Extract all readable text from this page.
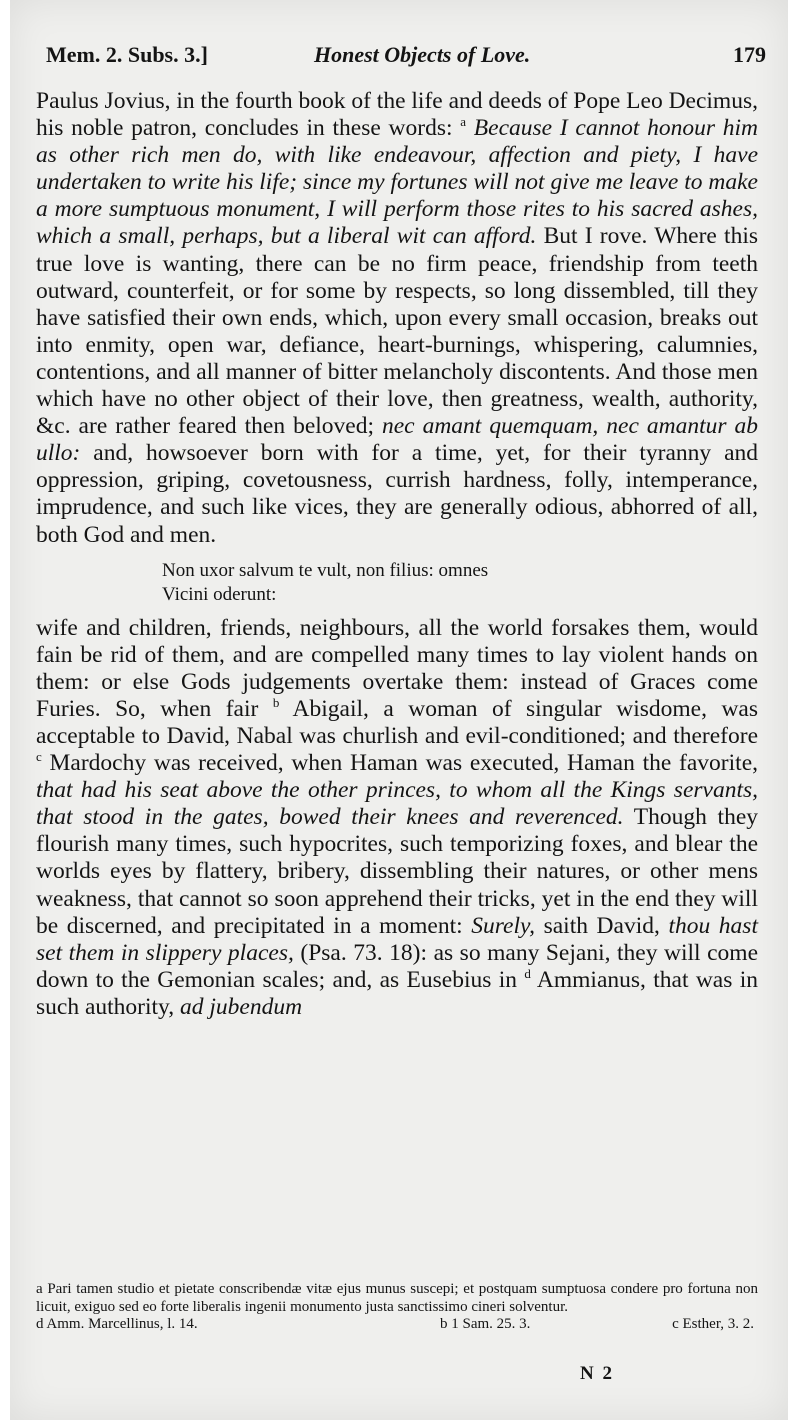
Mem. 2. Subs. 3.]	Honest Objects of Love.	179

Paulus Jovius, in the fourth book of the life and deeds of Pope Leo Decimus, his noble patron, concludes in these words: $^a$ Because I cannot honour him as other rich men do, with like endeavour, affection and piety, I have undertaken to write his life; since my fortunes will not give me leave to make a more sumptuous monument, I will perform those rites to his sacred ashes, which a small, perhaps, but a liberal wit can afford. But I rove. Where this true love is wanting, there can be no firm peace, friendship from teeth outward, counterfeit, or for some by respects, so long dissembled, till they have satisfied their own ends, which, upon every small occasion, breaks out into enmity, open war, defiance, heart-burnings, whispering, calumnies, contentions, and all manner of bitter melancholy discontents. And those men which have no other object of their love, then greatness, wealth, authority, &c. are rather feared then beloved; nec amant quemquam, nec amantur ab ullo: and, howsoever born with for a time, yet, for their tyranny and oppression, griping, covetousness, currish hardness, folly, intemperance, imprudence, and such like vices, they are generally odious, abhorred of all, both God and men.

Non uxor salvum te vult, non filius: omnes
Vicini oderunt:

wife and children, friends, neighbours, all the world forsakes them, would fain be rid of them, and are compelled many times to lay violent hands on them: or else Gods judgements overtake them: instead of Graces come Furies. So, when fair $^b$ Abigail, a woman of singular wisdome, was acceptable to David, Nabal was churlish and evil-conditioned; and therefore $^c$ Mardochy was received, when Haman was executed, Haman the favorite, that had his seat above the other princes, to whom all the Kings servants, that stood in the gates, bowed their knees and reverenced. Though they flourish many times, such hypocrites, such temporizing foxes, and blear the worlds eyes by flattery, bribery, dissembling their natures, or other mens weakness, that cannot so soon apprehend their tricks, yet in the end they will be discerned, and precipitated in a moment: Surely, saith David, thou hast set them in slippery places, (Psa. 73. 18): as so many Sejani, they will come down to the Gemonian scales; and, as Eusebius in $^d$ Ammianus, that was in such authority, ad jubendum

a Pari tamen studio et pietate conscribendæ vitæ ejus munus suscepi; et postquam sumptuosa condere pro fortuna non licuit, exiguo sed eo forte liberalis ingenii monumento justa sanctissimo cineri solventur.
d Amm. Marcellinus, l. 14.	b 1 Sam. 25. 3.	c Esther, 3. 2.
N 2
